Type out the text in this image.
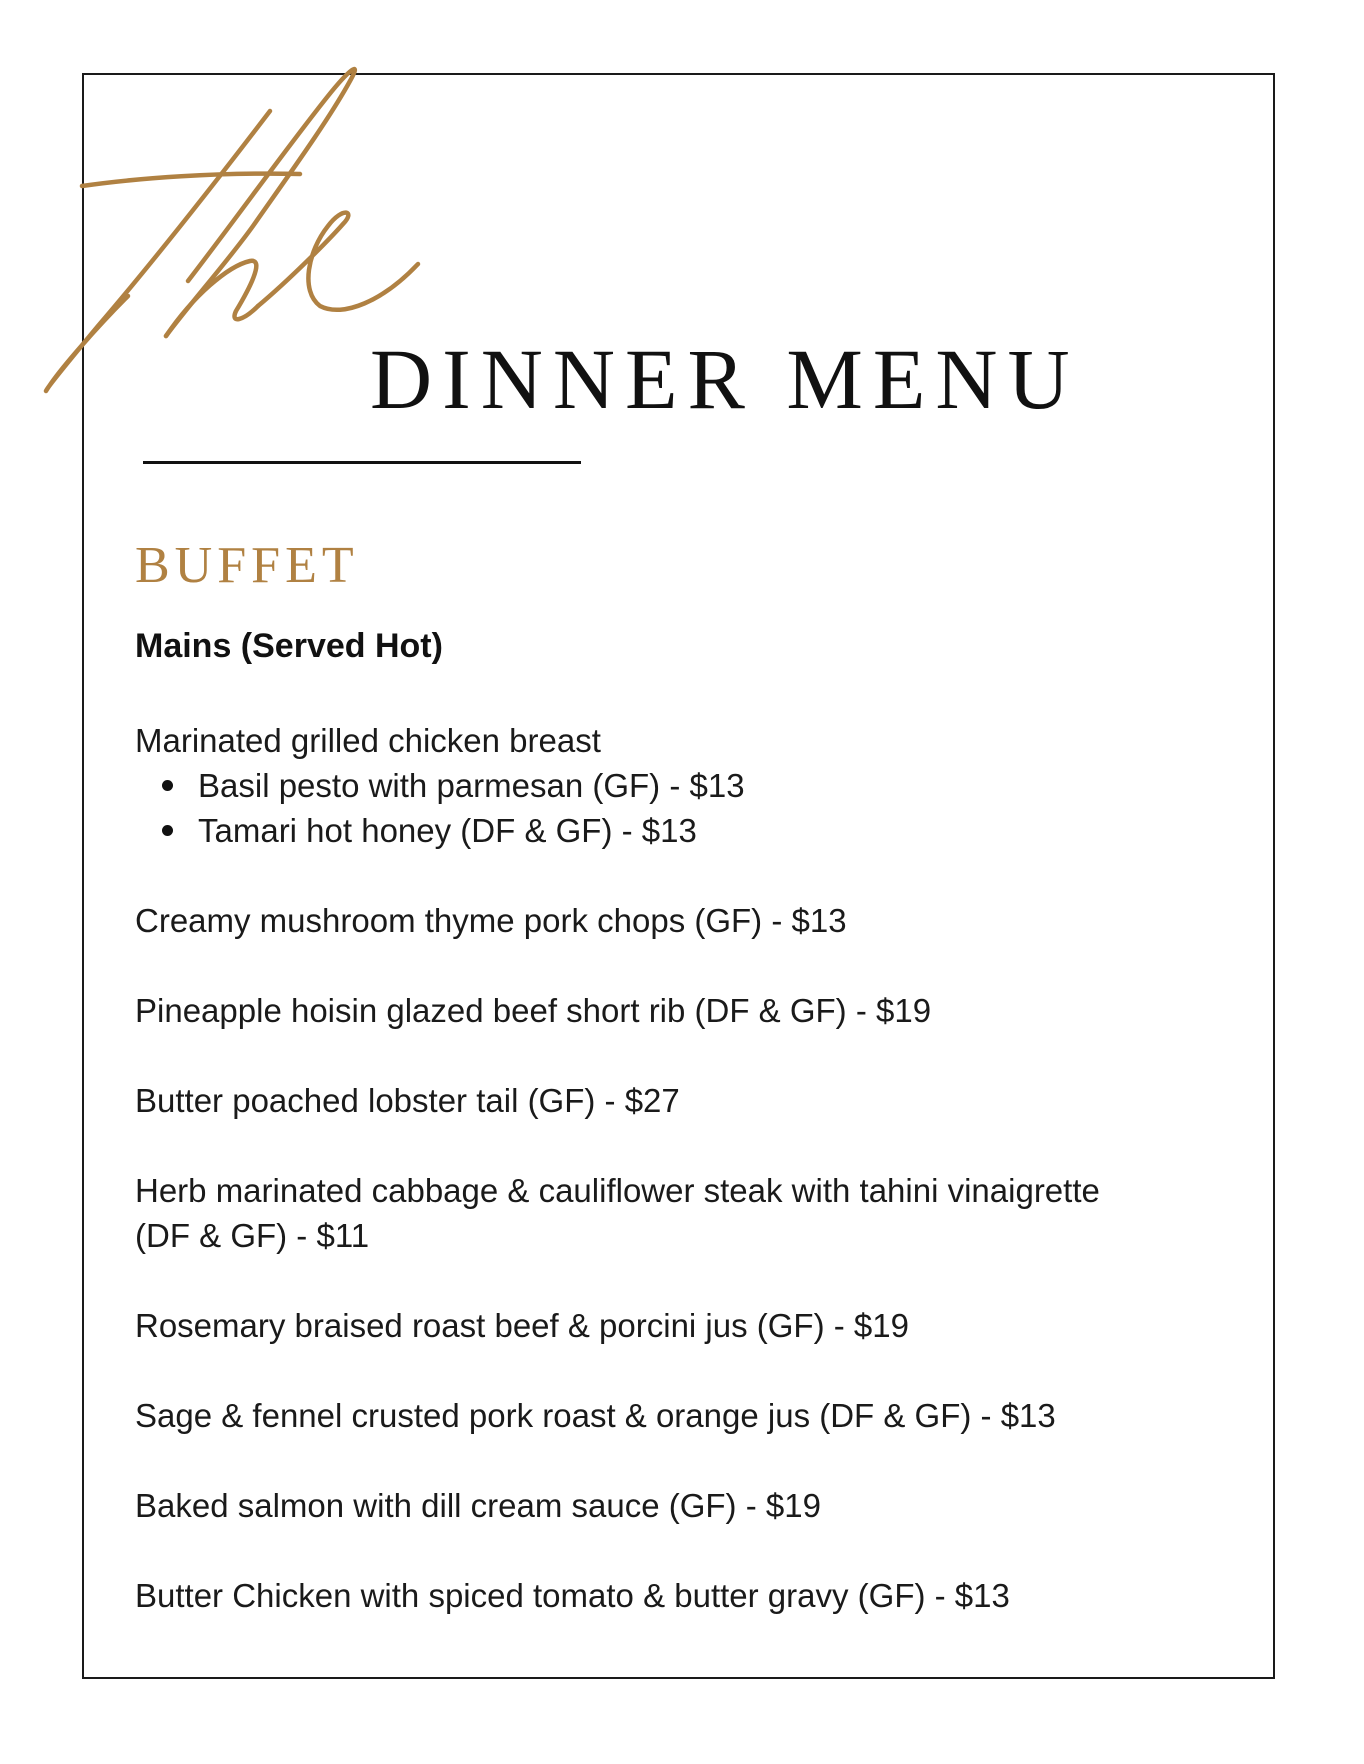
DINNER MENU
BUFFET
Mains (Served Hot)
Marinated grilled chicken breast
Basil pesto with parmesan (GF) - $13
Tamari hot honey (DF & GF) - $13
Creamy mushroom thyme pork chops (GF) - $13
Pineapple hoisin glazed beef short rib (DF & GF) - $19
Butter poached lobster tail (GF) - $27
Herb marinated cabbage & cauliflower steak with tahini vinaigrette (DF & GF) - $11
Rosemary braised roast beef & porcini jus (GF) - $19
Sage & fennel crusted pork roast & orange jus (DF & GF) - $13
Baked salmon with dill cream sauce (GF) - $19
Butter Chicken with spiced tomato & butter gravy (GF) - $13
